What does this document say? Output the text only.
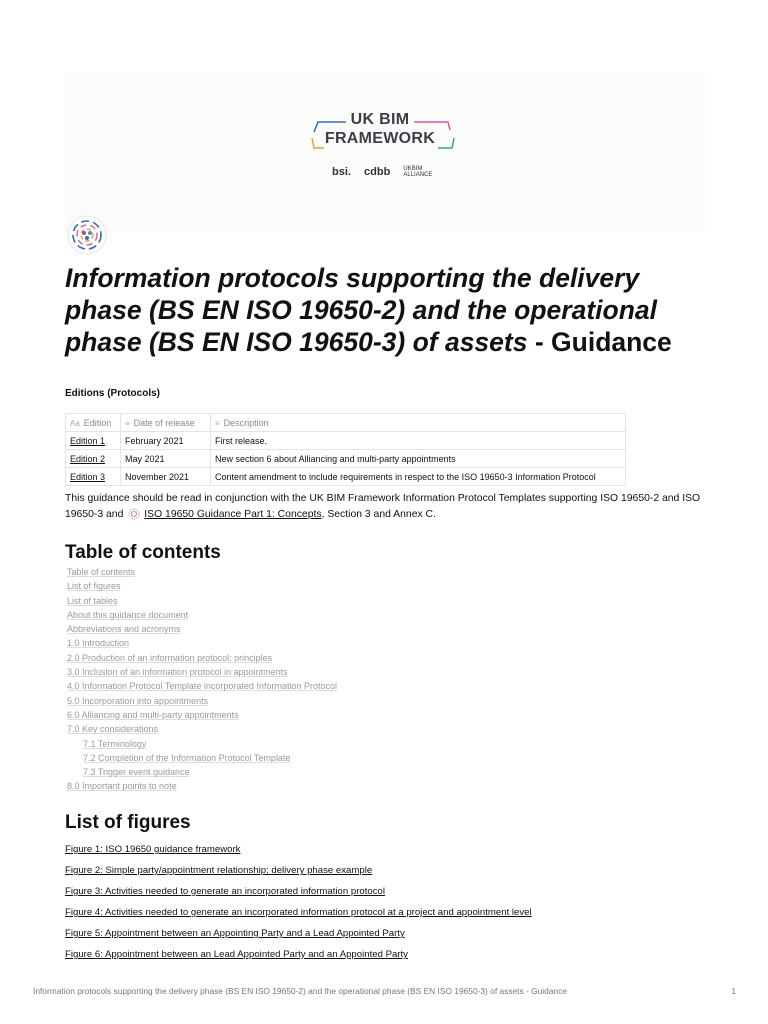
UK BIM
FRAMEWORK
bsi. cdbb UKBIM
ALLIANCE
Information protocols supporting the delivery phase (BS EN ISO 19650-2) and the operational phase (BS EN ISO 19650-3) of assets - Guidance

Editions (Protocols)

Aa Edition	≡ Date of release	≡ Description
Edition 1	February 2021	First release.
Edition 2	May 2021	New section 6 about Alliancing and multi-party appointments
Edition 3	November 2021	Content amendment to include requirements in respect to the ISO 19650-3 Information Protocol

This guidance should be read in conjunction with the UK BIM Framework Information Protocol Templates supporting ISO 19650-2 and ISO 19650-3 and ISO 19650 Guidance Part 1: Concepts, Section 3 and Annex C.

Table of contents
Table of contents
List of figures
List of tables
About this guidance document
Abbreviations and acronyms
1.0 Introduction
2.0 Production of an information protocol: principles
3.0 Inclusion of an information protocol in appointments
4.0 Information Protocol Template incorporated Information Protocol
5.0 Incorporation into appointments
6.0 Alliancing and multi-party appointments
7.0 Key considerations
7.1 Terminology
7.2 Completion of the Information Protocol Template
7.3 Trigger event guidance
8.0 Important points to note
List of figures
Figure 1: ISO 19650 guidance framework
Figure 2: Simple party/appointment relationship; delivery phase example
Figure 3: Activities needed to generate an incorporated information protocol
Figure 4: Activities needed to generate an incorporated information protocol at a project and appointment level
Figure 5: Appointment between an Appointing Party and a Lead Appointed Party
Figure 6: Appointment between an Lead Appointed Party and an Appointed Party
Information protocols supporting the delivery phase (BS EN ISO 19650-2) and the operational phase (BS EN ISO 19650-3) of assets - Guidance	1
